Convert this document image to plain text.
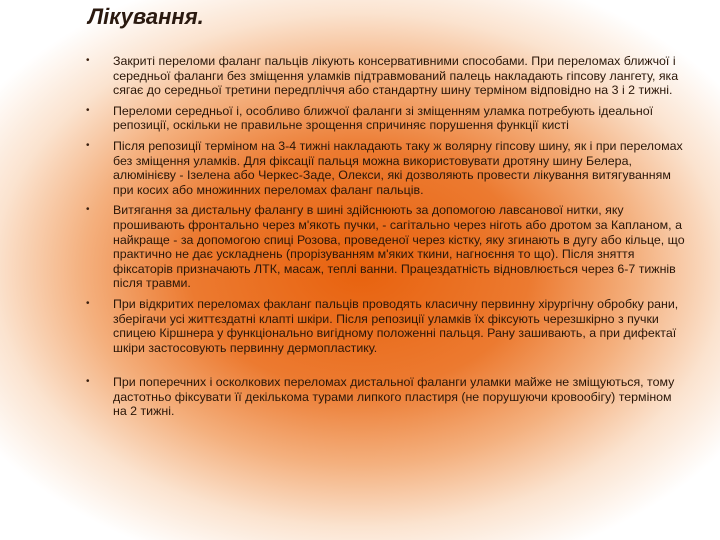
Лікування.
• Закриті переломи фаланг пальців лікують консервативними способами. При переломах ближчої і середньої фаланги без зміщення уламків підтравмований палець накладають гіпсову лангету, яка сягає до середньої третини передпліччя або стандартну шину терміном відповідно на 3 і 2 тижні.
• Переломи середньої і, особливо ближчої фаланги зі зміщенням уламка потребують ідеальної репозиції, оскільки не правильне зрощення спричиняє порушення функції кисті
• Після репозиції терміном на 3-4 тижні накладають таку ж волярну гіпсову шину, як і при переломах без зміщення уламків. Для фіксації пальця можна використовувати дротяну шину Белера, алюмінієву - Ізелена або Черкес-Заде, Олекси, які дозволяють провести лікування витягуванням при косих або множинних переломах фаланг пальців.
• Витягання за дистальну фалангу в шині здійснюють за допомогою лавсанової нитки, яку прошивають фронтально через м'якоть пучки, - сагітально через ніготь або дротом за Капланом, а найкраще - за допомогою спиці Розова, проведеної через кістку, яку згинають в дугу або кільце, що практично не дає ускладнень (прорізуванням м'яких ткини, нагноєння то що). Після зняття фіксаторів призначають ЛТК, масаж, теплі ванни. Працездатність відновлюється через 6-7 тижнів після травми.
• При відкритих переломах факланг пальців проводять класичну первинну хірургічну обробку рани, зберігачи усі життєздатні клапті шкіри. Після репозиції уламків їх фіксують черезшкірно з пучки спицею Кіршнера у функціонально вигідному положенні пальця. Рану зашивають, а при дифектаї шкіри застосовують первинну дермопластику.
• При поперечних і осколкових переломах дистальної фаланги уламки майже не зміщуються, тому дастотньо фіксувати її декількома турами липкого пластиря (не порушуючи кровообігу) терміном на 2 тижні.
